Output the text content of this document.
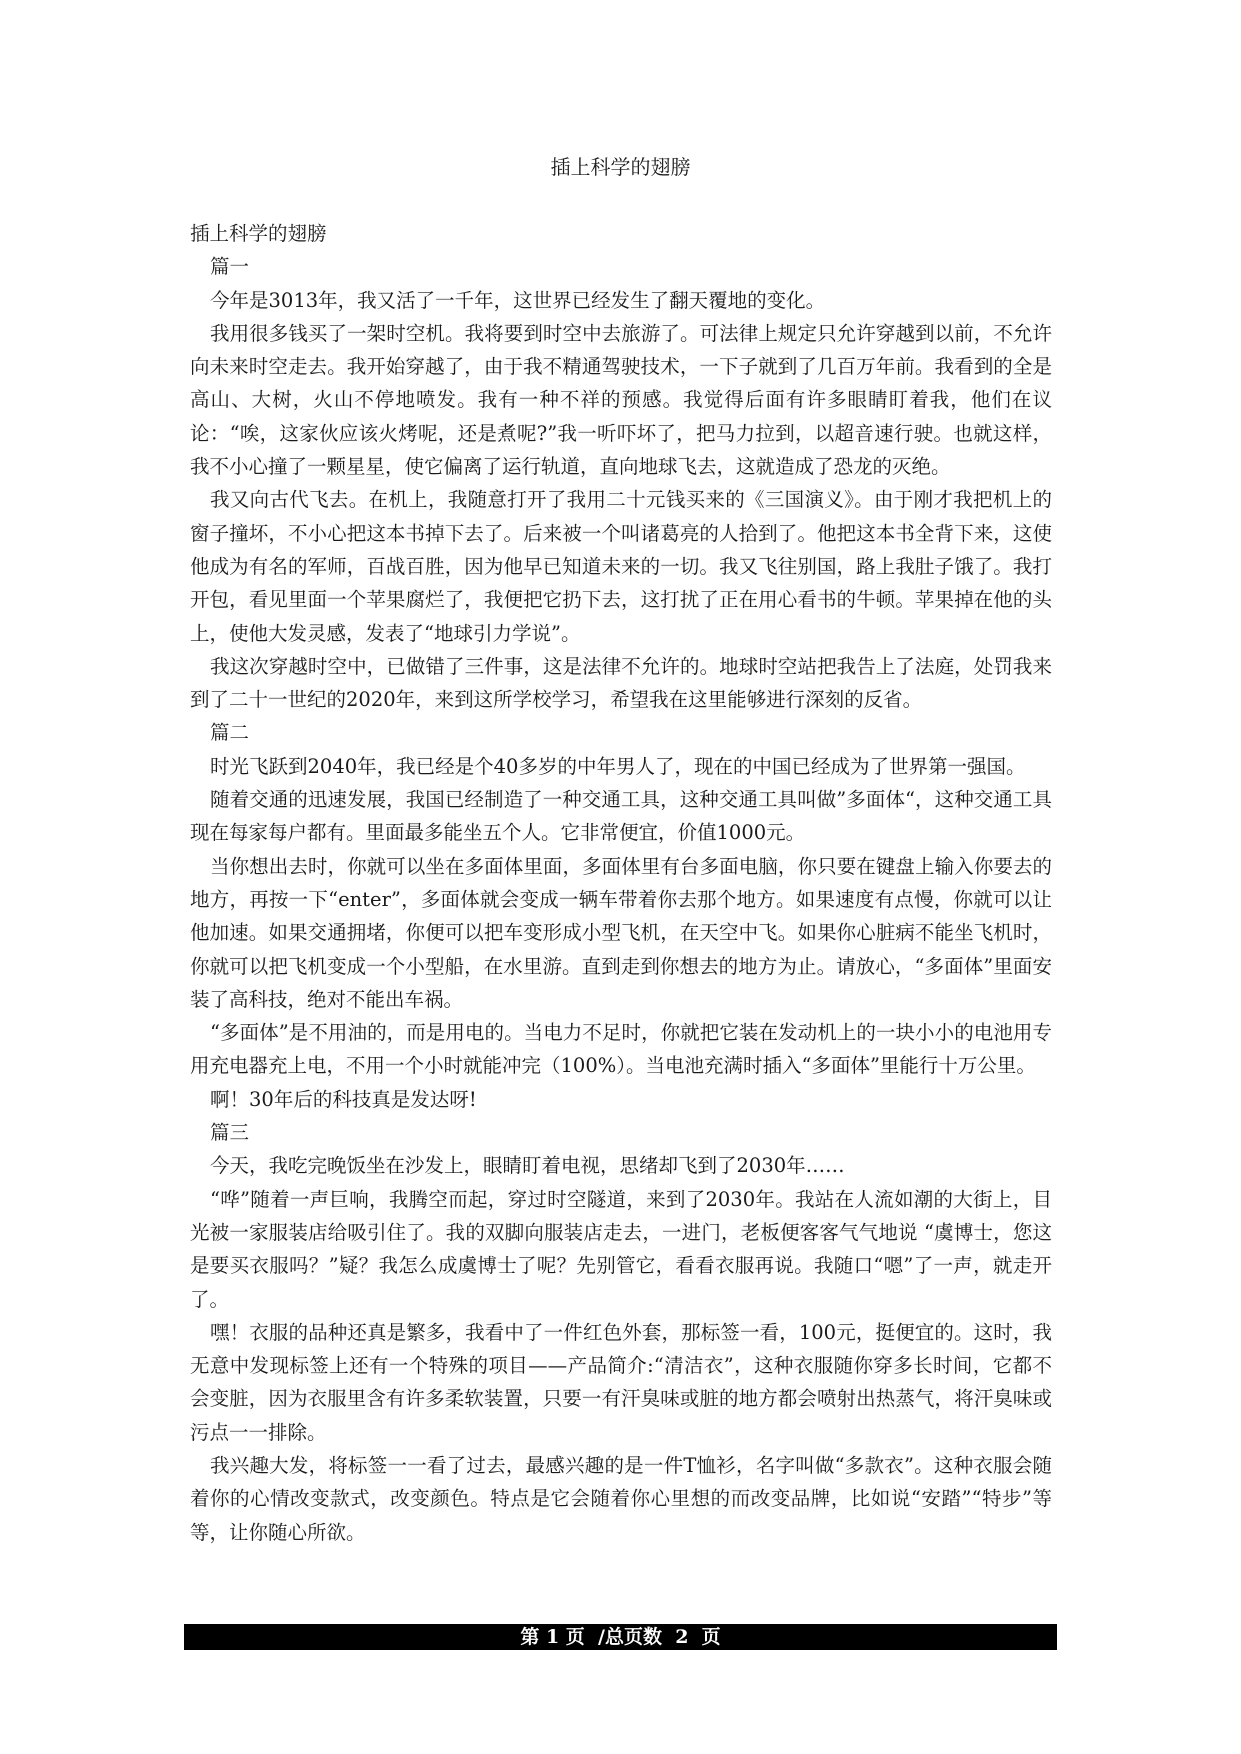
插上科学的翅膀

插上科学的翅膀

篇一

今年是3013年，我又活了一千年，这世界已经发生了翻天覆地的变化。

我用很多钱买了一架时空机。我将要到时空中去旅游了。可法律上规定只允许穿越到以前，不允许向未来时空走去。我开始穿越了，由于我不精通驾驶技术，一下子就到了几百万年前。我看到的全是高山、大树，火山不停地喷发。我有一种不祥的预感。我觉得后面有许多眼睛盯着我，他们在议论：“唉，这家伙应该火烤呢，还是煮呢?”我一听吓坏了，把马力拉到，以超音速行驶。也就这样，我不小心撞了一颗星星，使它偏离了运行轨道，直向地球飞去，这就造成了恐龙的灭绝。

我又向古代飞去。在机上，我随意打开了我用二十元钱买来的《三国演义》。由于刚才我把机上的窗子撞坏，不小心把这本书掉下去了。后来被一个叫诸葛亮的人拾到了。他把这本书全背下来，这使他成为有名的军师，百战百胜，因为他早已知道未来的一切。我又飞往别国，路上我肚子饿了。我打开包，看见里面一个苹果腐烂了，我便把它扔下去，这打扰了正在用心看书的牛顿。苹果掉在他的头上，使他大发灵感，发表了“地球引力学说”。

我这次穿越时空中，已做错了三件事，这是法律不允许的。地球时空站把我告上了法庭，处罚我来到了二十一世纪的2020年，来到这所学校学习，希望我在这里能够进行深刻的反省。

篇二

时光飞跃到2040年，我已经是个40多岁的中年男人了，现在的中国已经成为了世界第一强国。

随着交通的迅速发展，我国已经制造了一种交通工具，这种交通工具叫做”多面体“，这种交通工具现在每家每户都有。里面最多能坐五个人。它非常便宜，价值1000元。

当你想出去时，你就可以坐在多面体里面，多面体里有台多面电脑，你只要在键盘上输入你要去的地方，再按一下“enter”，多面体就会变成一辆车带着你去那个地方。如果速度有点慢，你就可以让他加速。如果交通拥堵，你便可以把车变形成小型飞机，在天空中飞。如果你心脏病不能坐飞机时，你就可以把飞机变成一个小型船，在水里游。直到走到你想去的地方为止。请放心，“多面体”里面安装了高科技，绝对不能出车祸。

“多面体”是不用油的，而是用电的。当电力不足时，你就把它装在发动机上的一块小小的电池用专用充电器充上电，不用一个小时就能冲完（100%）。当电池充满时插入“多面体”里能行十万公里。

啊！30年后的科技真是发达呀!

篇三

今天，我吃完晚饭坐在沙发上，眼睛盯着电视，思绪却飞到了2030年……

“哗”随着一声巨响，我腾空而起，穿过时空隧道，来到了2030年。我站在人流如潮的大街上，目光被一家服装店给吸引住了。我的双脚向服装店走去，一进门，老板便客客气气地说 “虞博士，您这是要买衣服吗？”疑？我怎么成虞博士了呢？先别管它，看看衣服再说。我随口“嗯”了一声，就走开了。

嘿！衣服的品种还真是繁多，我看中了一件红色外套，那标签一看，100元，挺便宜的。这时，我无意中发现标签上还有一个特殊的项目——产品简介:“清洁衣”，这种衣服随你穿多长时间，它都不会变脏，因为衣服里含有许多柔软装置，只要一有汗臭味或脏的地方都会喷射出热蒸气，将汗臭味或污点一一排除。

我兴趣大发，将标签一一看了过去，最感兴趣的是一件T恤衫，名字叫做“多款衣”。这种衣服会随着你的心情改变款式，改变颜色。特点是它会随着你心里想的而改变品牌，比如说“安踏”“特步”等等，让你随心所欲。

第 1 页  /总页数  2  页
